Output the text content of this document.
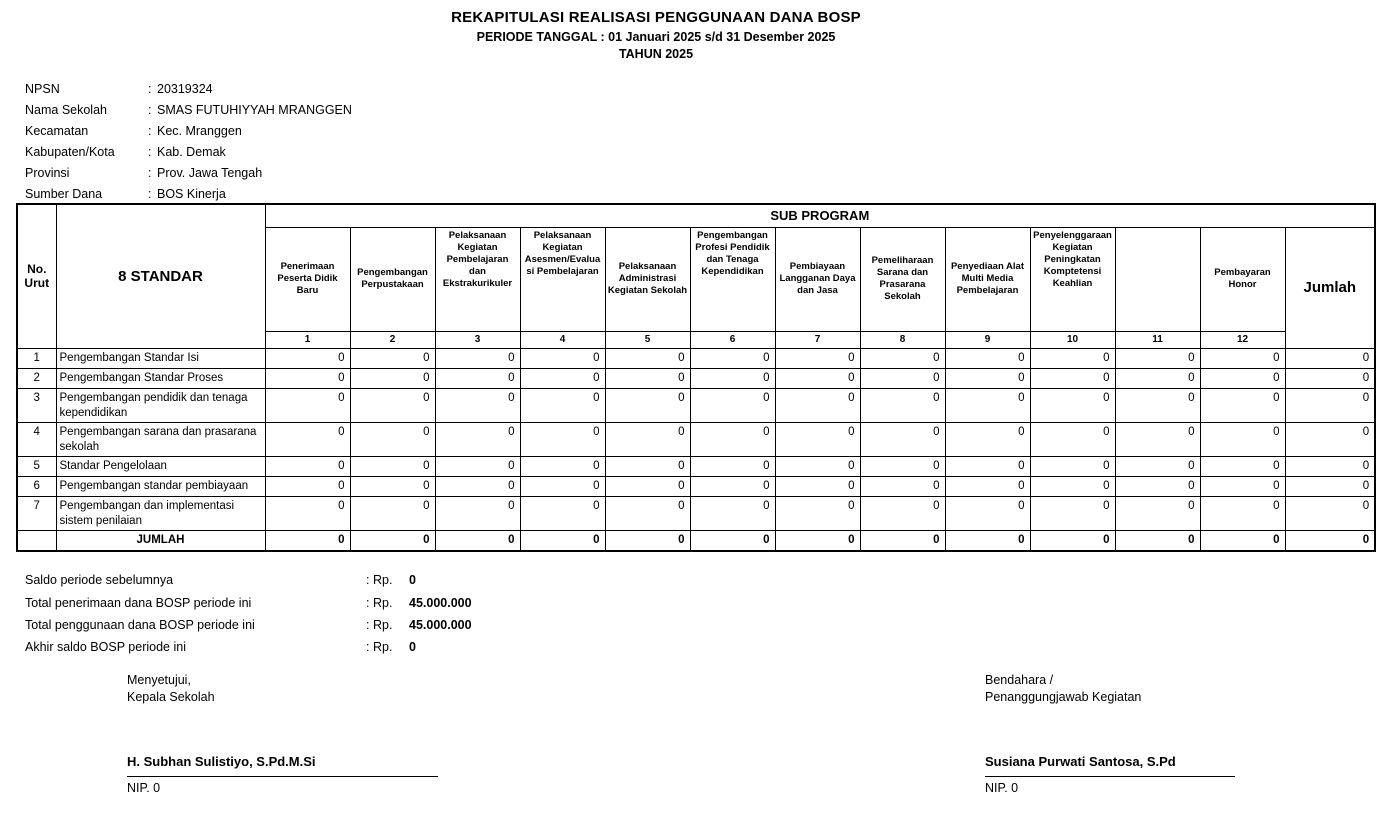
REKAPITULASI REALISASI PENGGUNAAN DANA BOSP
PERIODE TANGGAL : 01 Januari 2025 s/d 31 Desember 2025
TAHUN 2025
NPSN	: 20319324
Nama Sekolah	: SMAS FUTUHIYYAH MRANGGEN
Kecamatan	: Kec. Mranggen
Kabupaten/Kota	: Kab. Demak
Provinsi	: Prov. Jawa Tengah
Sumber Dana	: BOS Kinerja
No. Urut	8 STANDAR	SUB PROGRAM												
		Penerimaan Peserta Didik Baru	Pengembangan Perpustakaan	Pelaksanaan Kegiatan Pembelajaran dan Ekstrakurikuler	Pelaksanaan Kegiatan Asesmen/Evaluasi Pembelajaran	Pelaksanaan Administrasi Kegiatan Sekolah	Pengembangan Profesi Pendidik dan Tenaga Kependidikan	Pembiayaan Langganan Daya dan Jasa	Pemeliharaan Sarana dan Prasarana Sekolah	Penyediaan Alat Multi Media Pembelajaran	Penyelenggaraan Kegiatan Peningkatan Komptetensi Keahlian		Pembayaran Honor	Jumlah
		1	2	3	4	5	6	7	8	9	10	11	12	
1	Pengembangan Standar Isi	0	0	0	0	0	0	0	0	0	0	0	0	0
2	Pengembangan Standar Proses	0	0	0	0	0	0	0	0	0	0	0	0	0
3	Pengembangan pendidik dan tenaga kependidikan	0	0	0	0	0	0	0	0	0	0	0	0	0
4	Pengembangan sarana dan prasarana sekolah	0	0	0	0	0	0	0	0	0	0	0	0	0
5	Standar Pengelolaan	0	0	0	0	0	0	0	0	0	0	0	0	0
6	Pengembangan standar pembiayaan	0	0	0	0	0	0	0	0	0	0	0	0	0
7	Pengembangan dan implementasi sistem penilaian	0	0	0	0	0	0	0	0	0	0	0	0	0
	JUMLAH	0	0	0	0	0	0	0	0	0	0	0	0	0
Saldo periode sebelumnya	: Rp.	0
Total penerimaan dana BOSP periode ini	: Rp.	45.000.000
Total penggunaan dana BOSP periode ini	: Rp.	45.000.000
Akhir saldo BOSP periode ini	: Rp.	0
Menyetujui,
Kepala Sekolah
H. Subhan Sulistiyo, S.Pd.M.Si
NIP. 0
Bendahara /
Penanggungjawab Kegiatan
Susiana Purwati Santosa, S.Pd
NIP. 0
